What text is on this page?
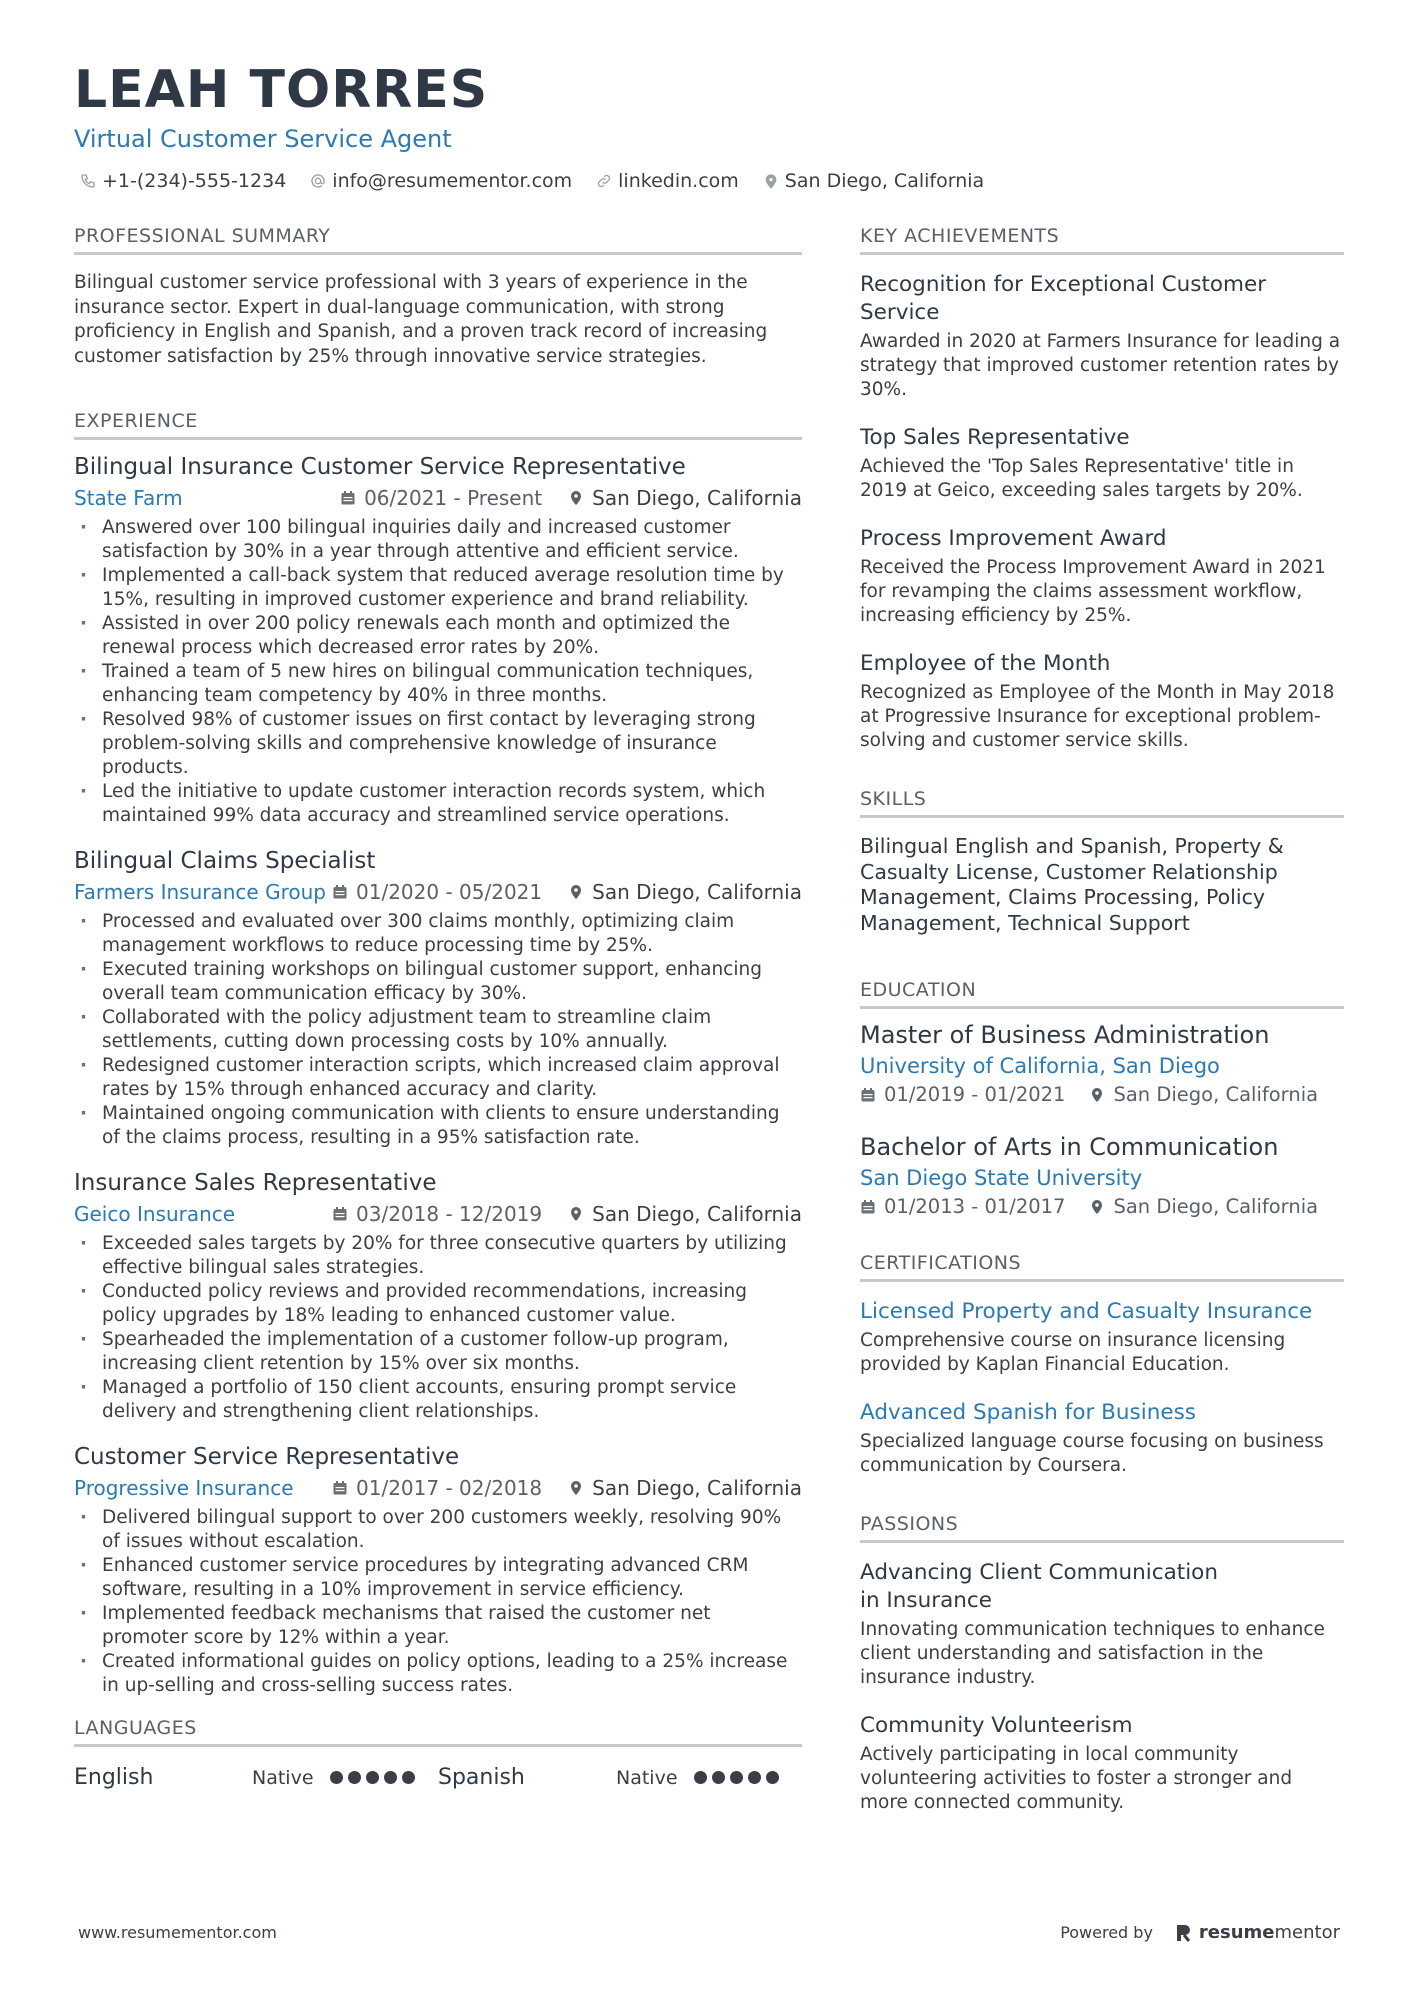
LEAH TORRES
Virtual Customer Service Agent
+1-(234)-555-1234 info@resumementor.com linkedin.com San Diego, California
PROFESSIONAL SUMMARY

Bilingual customer service professional with 3 years of experience in the insurance sector. Expert in dual-language communication, with strong proficiency in English and Spanish, and a proven track record of increasing customer satisfaction by 25% through innovative service strategies.

EXPERIENCE
Bilingual Insurance Customer Service Representative
State Farm	06/2021 - Present	San Diego, California
· Answered over 100 bilingual inquiries daily and increased customer satisfaction by 30% in a year through attentive and efficient service.
· Implemented a call-back system that reduced average resolution time by 15%, resulting in improved customer experience and brand reliability.
· Assisted in over 200 policy renewals each month and optimized the renewal process which decreased error rates by 20%.
· Trained a team of 5 new hires on bilingual communication techniques, enhancing team competency by 40% in three months.
· Resolved 98% of customer issues on first contact by leveraging strong problem-solving skills and comprehensive knowledge of insurance products.
· Led the initiative to update customer interaction records system, which maintained 99% data accuracy and streamlined service operations.
Bilingual Claims Specialist
Farmers Insurance Group	01/2020 - 05/2021	San Diego, California
· Processed and evaluated over 300 claims monthly, optimizing claim management workflows to reduce processing time by 25%.
· Executed training workshops on bilingual customer support, enhancing overall team communication efficacy by 30%.
· Collaborated with the policy adjustment team to streamline claim settlements, cutting down processing costs by 10% annually.
· Redesigned customer interaction scripts, which increased claim approval rates by 15% through enhanced accuracy and clarity.
· Maintained ongoing communication with clients to ensure understanding of the claims process, resulting in a 95% satisfaction rate.
Insurance Sales Representative
Geico Insurance	03/2018 - 12/2019	San Diego, California
· Exceeded sales targets by 20% for three consecutive quarters by utilizing effective bilingual sales strategies.
· Conducted policy reviews and provided recommendations, increasing policy upgrades by 18% leading to enhanced customer value.
· Spearheaded the implementation of a customer follow-up program, increasing client retention by 15% over six months.
· Managed a portfolio of 150 client accounts, ensuring prompt service delivery and strengthening client relationships.
Customer Service Representative
Progressive Insurance	01/2017 - 02/2018	San Diego, California
· Delivered bilingual support to over 200 customers weekly, resolving 90% of issues without escalation.
· Enhanced customer service procedures by integrating advanced CRM software, resulting in a 10% improvement in service efficiency.
· Implemented feedback mechanisms that raised the customer net promoter score by 12% within a year.
· Created informational guides on policy options, leading to a 25% increase in up-selling and cross-selling success rates.
LANGUAGES
English	Native	Spanish	Native
KEY ACHIEVEMENTS
Recognition for Exceptional Customer Service
Awarded in 2020 at Farmers Insurance for leading a strategy that improved customer retention rates by 30%.
Top Sales Representative
Achieved the 'Top Sales Representative' title in 2019 at Geico, exceeding sales targets by 20%.
Process Improvement Award
Received the Process Improvement Award in 2021 for revamping the claims assessment workflow, increasing efficiency by 25%.
Employee of the Month
Recognized as Employee of the Month in May 2018 at Progressive Insurance for exceptional problem-solving and customer service skills.
SKILLS

Bilingual English and Spanish, Property & Casualty License, Customer Relationship Management, Claims Processing, Policy Management, Technical Support

EDUCATION
Master of Business Administration
University of California, San Diego
01/2019 - 01/2021 San Diego, California
Bachelor of Arts in Communication
San Diego State University
01/2013 - 01/2017 San Diego, California
CERTIFICATIONS
Licensed Property and Casualty Insurance
Comprehensive course on insurance licensing provided by Kaplan Financial Education.
Advanced Spanish for Business
Specialized language course focusing on business communication by Coursera.
PASSIONS
Advancing Client Communication in Insurance
Innovating communication techniques to enhance client understanding and satisfaction in the insurance industry.
Community Volunteerism
Actively participating in local community volunteering activities to foster a stronger and more connected community.
www.resumementor.com	Powered by	resumementor
